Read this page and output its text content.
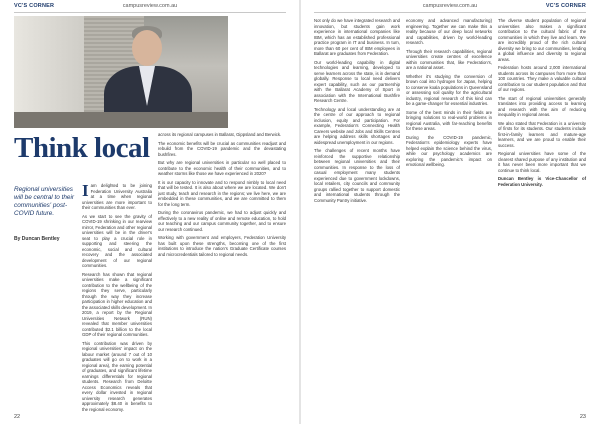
VC'S CORNER	campusreview.com.au
Think local
Regional universities will be central to their communities' post-COVID future.
By Duncan Bentley
I am delighted to be joining Federation University Australia at a time when regional universities are more important to their communities than ever.

As we start to see the gravity of COVID-19 shrinking in our rearview mirror, Federation and other regional universities will be in the driver's seat to play a crucial role in supporting and steering the economic, social and cultural recovery and the associated development of our regional communities.

Research has shown that regional universities make a significant contribution to the wellbeing of the regions they serve, particularly through the way they increase participation in higher education and the associated skills development. In 2019, a report by the Regional Universities Network (RUN) revealed that member universities contributed $2.1 billion to the local GDP of their regional communities.

This contribution was driven by regional universities' impact on the labour market (around 7 out of 10 graduates will go on to work in a regional area), the earning potential of graduates, and significant lifetime earnings differentials for regional students. Research from Deloitte Access Economics reveals that every dollar invested in regional university research generates approximately $8.40 in benefits to the regional economy.

across its regional campuses in Ballarat, Gippsland and Berwick.

The economic benefits will be crucial as communities readjust and rebuild from the COVID-19 pandemic and the devastating bushfires.

But why are regional universities in particular so well placed to contribute to the economic health of their communities, and to weather storms like those we have experienced in 2020?

It is our capacity to innovate and to respond nimbly to local need that will be tested. It is also about where we are located. We don't just study, teach and research in the regions; we live here, we are embedded in these communities, and we are committed to them for the long term.

During the coronavirus pandemic, we had to adjust quickly and effectively to a new reality of online and remote education, to hold our teaching and our campus community together, and to ensure our research continued.

Working with government and employers, Federation University has built upon these strengths, becoming one of the first institutions to introduce the nation's Graduate Certificate courses and microcredentials tailored to regional needs.

22
campusreview.com.au	VC'S CORNER

Not only do we have integrated research and innovation, but students gain work experience in international companies like IBM, which has an established professional practice program in IT and business. In turn, more than 60 per cent of IBM employees in Ballarat are graduates from Federation.

Our world-leading capability in digital technologies and learning, developed to serve learners across the state, is in demand globally. Response to local need delivers expert capability, such as our partnership with the Ballarat Academy of Sport in association with the International Bushfire Research Centre.

Technology and local understanding are at the centre of our approach to regional inclusion, equity and participation. For example, Federation's Connecting Health Careers website and Jobs and Skills Centres are helping address skills shortages and widespread unemployment in our regions.

The challenges of recent months have reinforced the supportive relationship between regional universities and their communities. In response to the loss of casual employment many students experienced due to government lockdowns, local retailers, city councils and community groups rallied together to support domestic and international students through the Community Pantry initiative.

economy and advanced manufacturing) engineering. Together we can make this a reality because of our deep local networks and capabilities, driven by world-leading research.

Through their research capabilities, regional universities create centres of excellence within communities that, like Federation's, are a national asset.

Whether it's studying the conversion of brown coal into hydrogen for Japan, helping to conserve koala populations in Queensland or assessing soil quality for the agricultural industry, regional research of this kind can be a game-changer for essential industries.

Some of the best minds in their fields are bringing solutions to real-world problems in regional Australia, with far-reaching benefits for these areas.

During the COVID-19 pandemic, Federation's epidemiology experts have helped explain the science behind the virus, while our psychology academics are exploring the pandemic's impact on emotional wellbeing.

The diverse student population of regional universities also makes a significant contribution to the cultural fabric of the communities in which they live and learn. We are incredibly proud of the rich cultural diversity we bring to our communities, lending a global influence and diversity to regional areas.

Federation hosts around 2,000 international students across its campuses from more than 100 countries. They make a valuable cultural contribution to our student population and that of our regions.

The start of regional universities generally translates into providing access to learning and research with the aim of reducing inequality in regional areas.

We also stated that Federation is a university of firsts for its students. Our students include first-in-family learners and mature-age learners, and we are proud to enable their success.

Regional universities have some of the clearest shared purpose of any institution and it has never been more important that we continue to think local.

Duncan Bentley is Vice-Chancellor of Federation University.

23
